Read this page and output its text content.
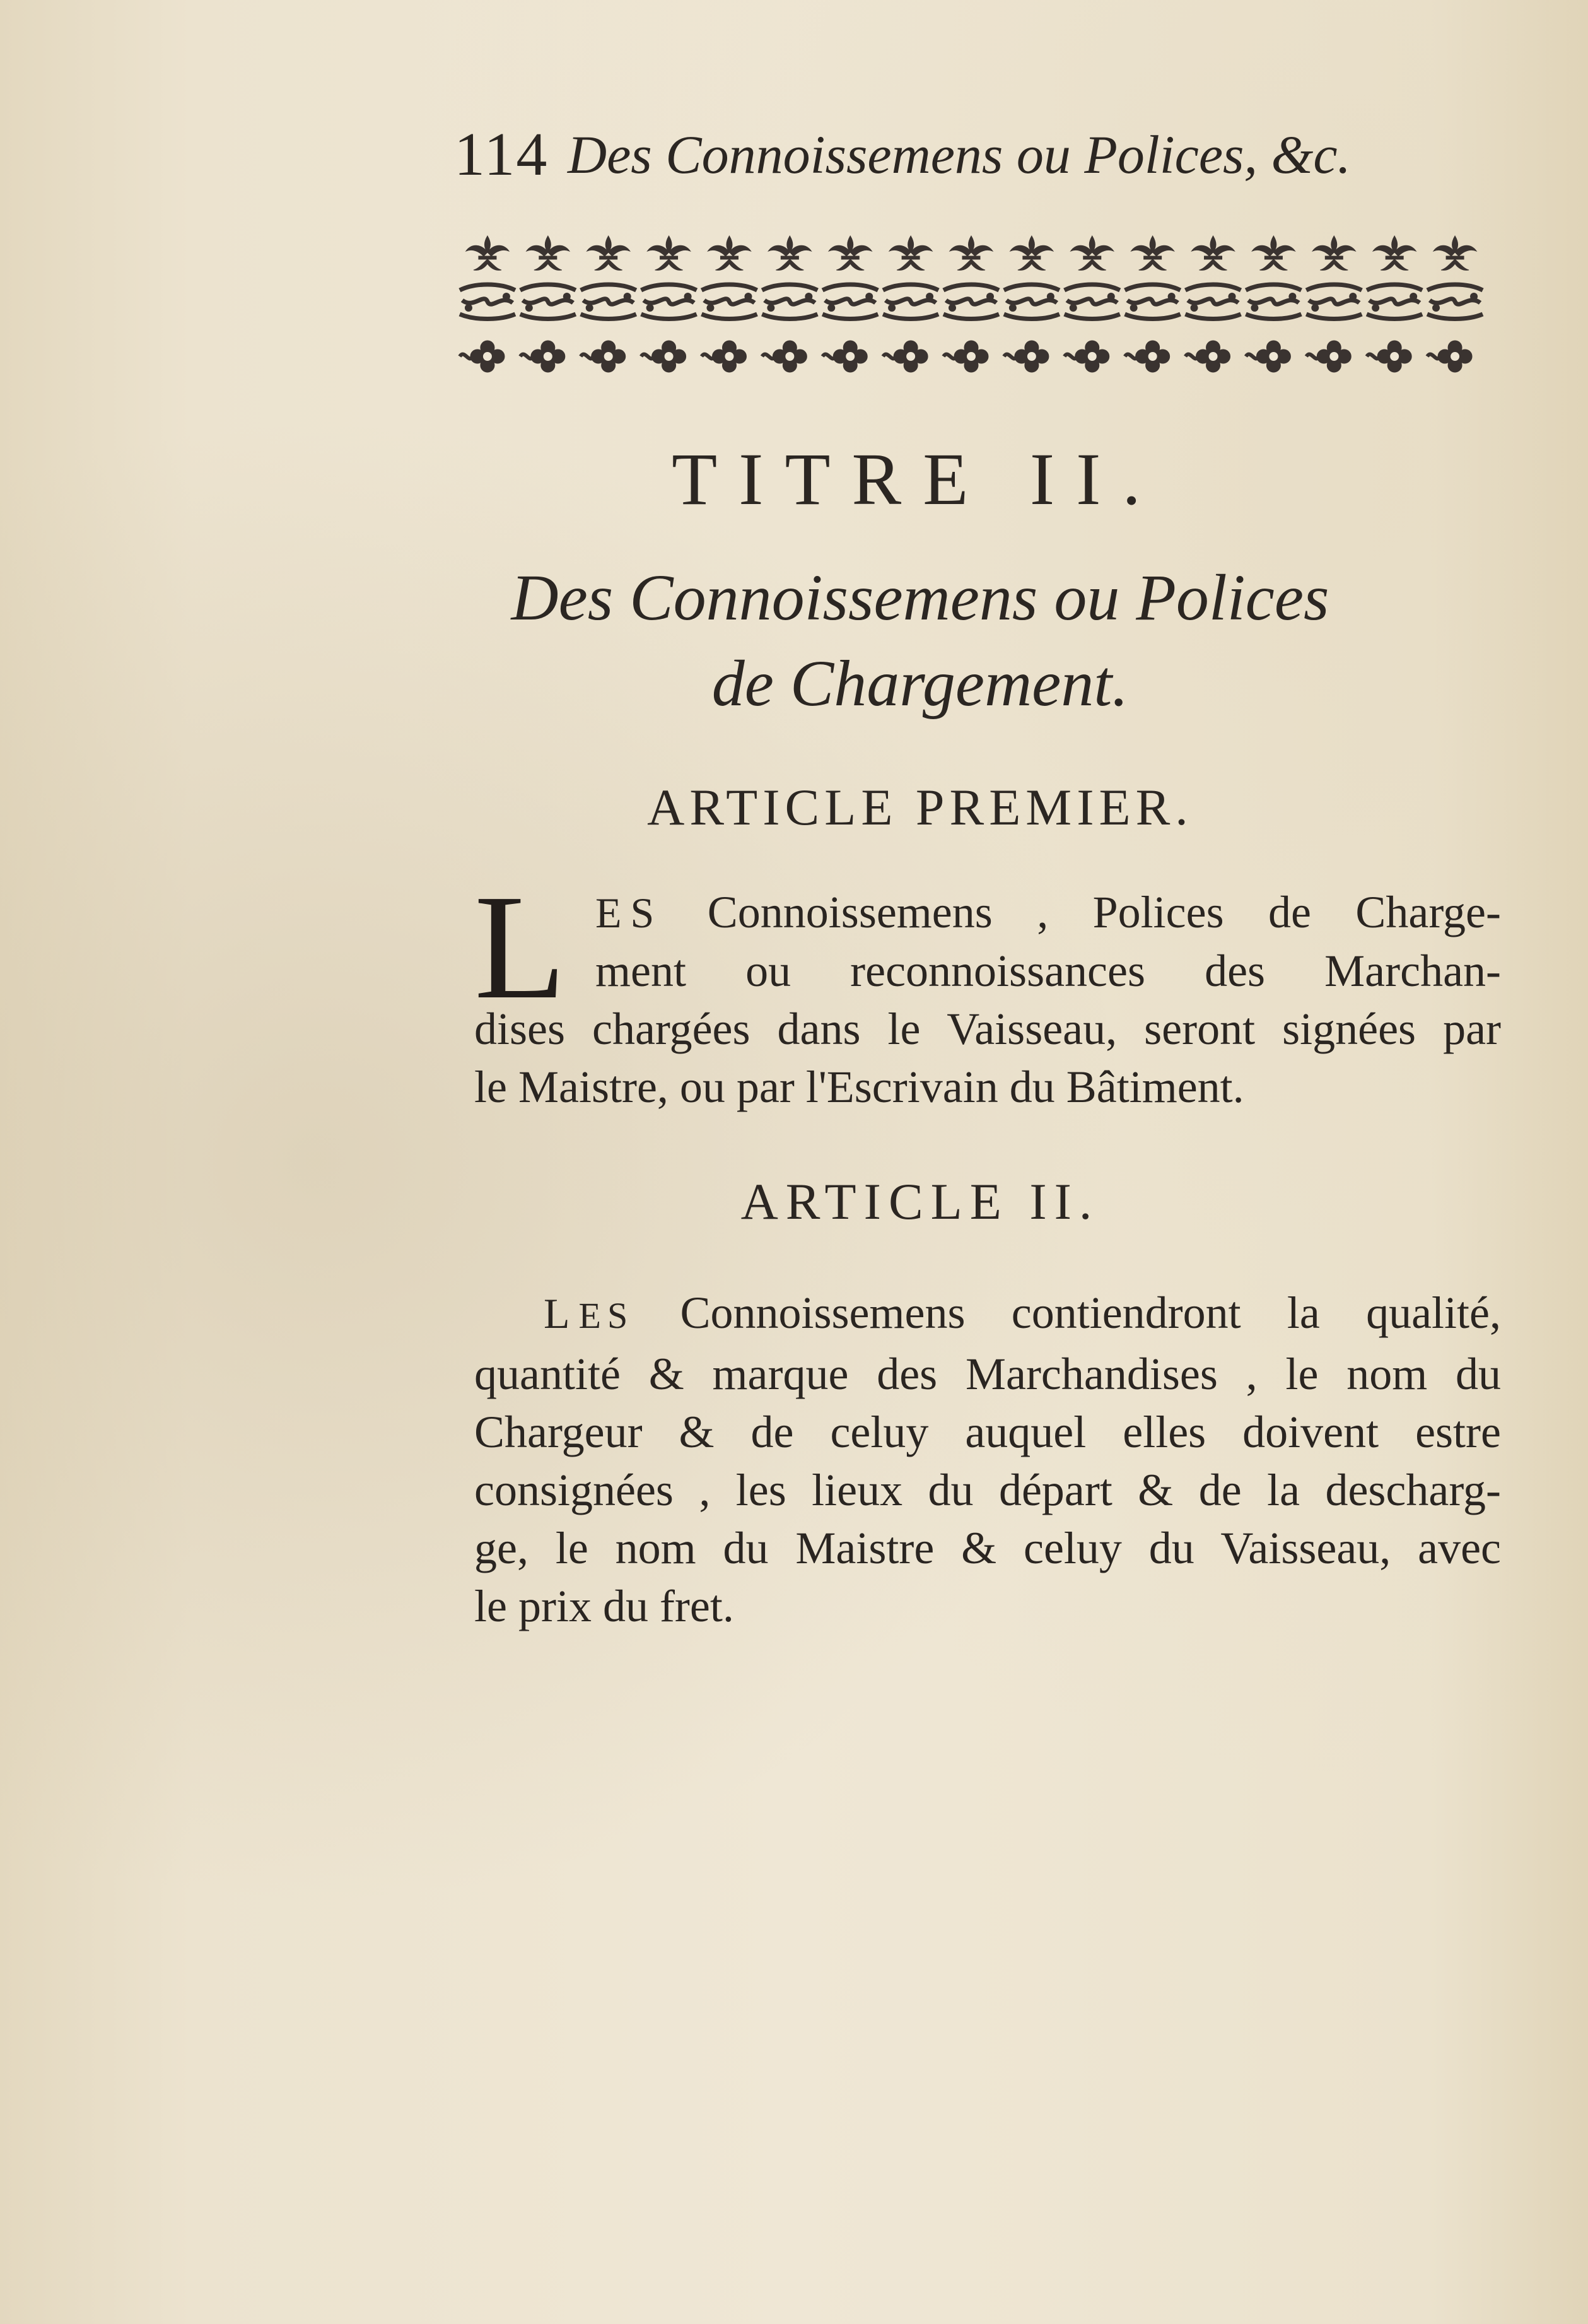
114 Des Connoissemens ou Polices, &c.
TITRE II.
Des Connoissemens ou Polices
de Chargement.
ARTICLE PREMIER.
L ES Connoissemens , Polices de Charge-
ment ou reconnoissances des Marchan-
dises chargées dans le Vaisseau, seront signées par
le Maistre, ou par l'Escrivain du Bâtiment.
ARTICLE II.
LES Connoissemens contiendront la qualité,
quantité & marque des Marchandises , le nom du
Chargeur & de celuy auquel elles doivent estre
consignées , les lieux du départ & de la descharg-
ge, le nom du Maistre & celuy du Vaisseau, avec
le prix du fret.
